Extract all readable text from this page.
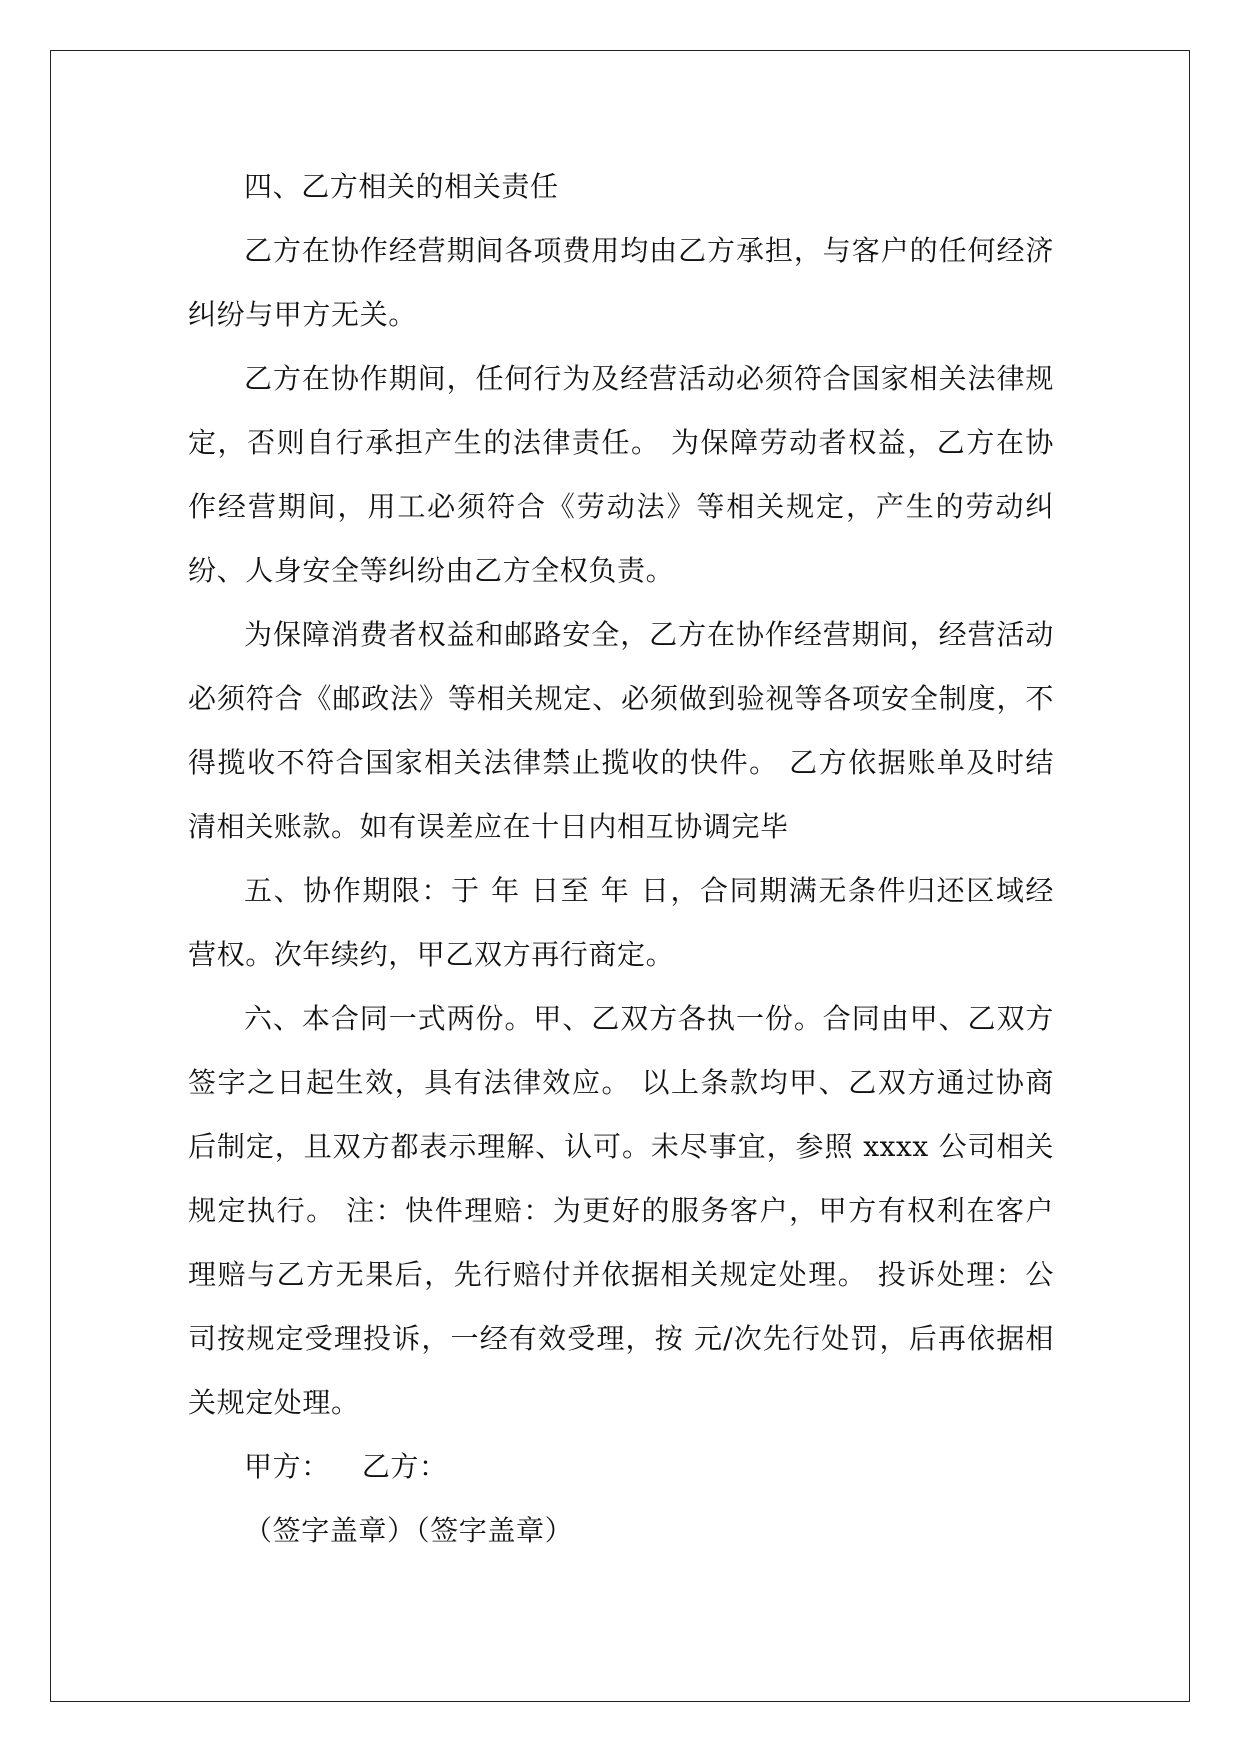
四、乙方相关的相关责任

乙方在协作经营期间各项费用均由乙方承担，与客户的任何经济纠纷与甲方无关。

乙方在协作期间，任何行为及经营活动必须符合国家相关法律规定，否则自行承担产生的法律责任。 为保障劳动者权益，乙方在协作经营期间，用工必须符合《劳动法》等相关规定，产生的劳动纠纷、人身安全等纠纷由乙方全权负责。

为保障消费者权益和邮路安全，乙方在协作经营期间，经营活动必须符合《邮政法》等相关规定、必须做到验视等各项安全制度，不得揽收不符合国家相关法律禁止揽收的快件。 乙方依据账单及时结清相关账款。如有误差应在十日内相互协调完毕

五、协作期限：于 年 日至 年 日，合同期满无条件归还区域经营权。次年续约，甲乙双方再行商定。

六、本合同一式两份。甲、乙双方各执一份。合同由甲、乙双方签字之日起生效，具有法律效应。 以上条款均甲、乙双方通过协商后制定，且双方都表示理解、认可。未尽事宜，参照 xxxx 公司相关规定执行。 注：快件理赔：为更好的服务客户，甲方有权利在客户理赔与乙方无果后，先行赔付并依据相关规定处理。 投诉处理：公司按规定受理投诉，一经有效受理，按 元/次先行处罚，后再依据相关规定处理。

甲方： 乙方：

（签字盖章）（签字盖章）
